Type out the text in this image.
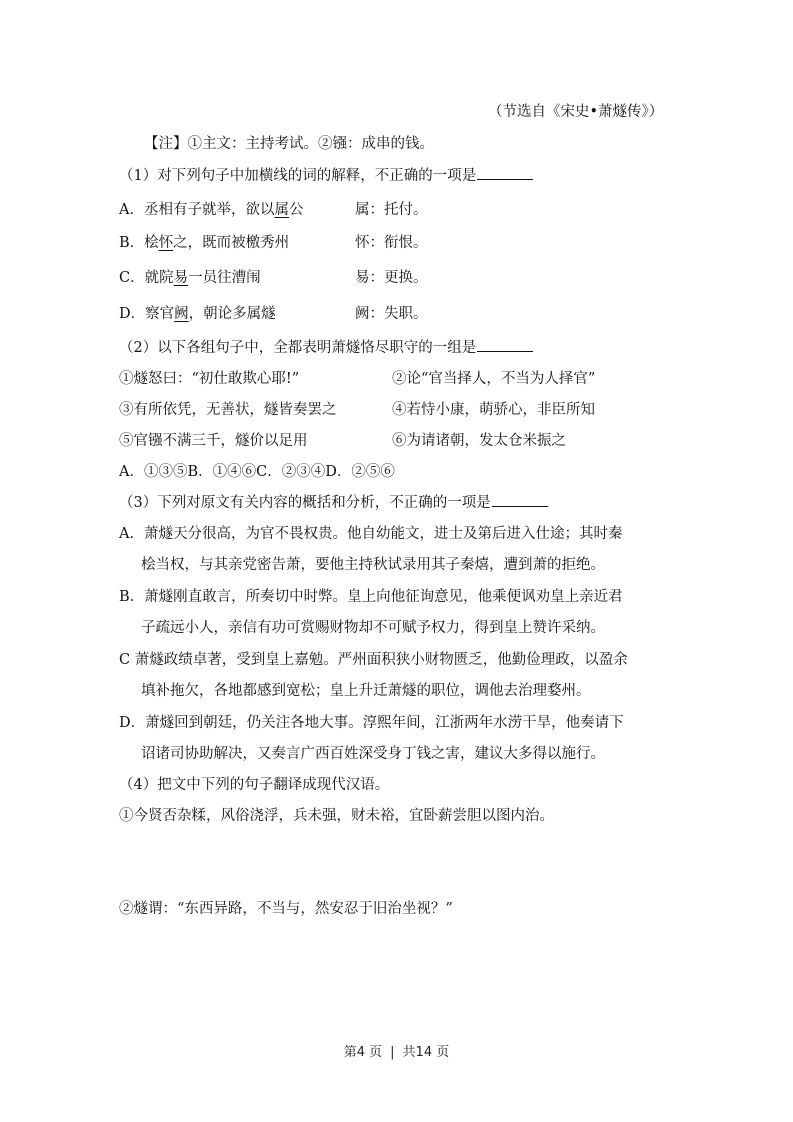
（节选自《宋史•萧燧传》）
【注】①主文：主持考试。②镪：成串的钱。
（1）对下列句子中加横线的词的解释，不正确的一项是
A．丞相有子就举，欲以属公	属：托付。
B．桧怀之，既而被檄秀州	怀：衔恨。
C．就院易一员往漕闱	易：更换。
D．察官阙，朝论多属燧	阙：失职。
（2）以下各组句子中，全都表明萧燧恪尽职守的一组是
①燧怒曰：“初仕敢欺心耶!”	②论“官当择人，不当为人择官”
③有所依凭，无善状，燧皆奏罢之	④若恃小康，萌骄心，非臣所知
⑤官镪不满三千，燧价以足用	⑥为请诸朝，发太仓米振之
A．①③⑤B．①④⑥C．②③④D．②⑤⑥
（3）下列对原文有关内容的概括和分析，不正确的一项是
A．萧燧天分很高，为官不畏权贵。他自幼能文，进士及第后进入仕途；其时秦
桧当权，与其亲党密告萧，要他主持秋试录用其子秦熺，遭到萧的拒绝。
B．萧燧刚直敢言，所奏切中时弊。皇上向他征询意见，他乘便讽劝皇上亲近君
子疏远小人，亲信有功可赏赐财物却不可赋予权力，得到皇上赞许采纳。
C 萧燧政绩卓著，受到皇上嘉勉。严州面积狭小财物匮乏，他勤俭理政，以盈余
填补拖欠，各地都感到宽松；皇上升迁萧燧的职位，调他去治理婺州。
D．萧燧回到朝廷，仍关注各地大事。淳熙年间，江浙两年水涝干旱，他奏请下
诏诸司协助解决，又奏言广西百姓深受身丁钱之害，建议大多得以施行。
（4）把文中下列的句子翻译成现代汉语。
①今贤否杂糅，风俗浇浮，兵未强，财未裕，宜卧薪尝胆以图内治。
②燧谓：“东西异路，不当与，然安忍于旧治坐视？”
第4 页 | 共14 页
